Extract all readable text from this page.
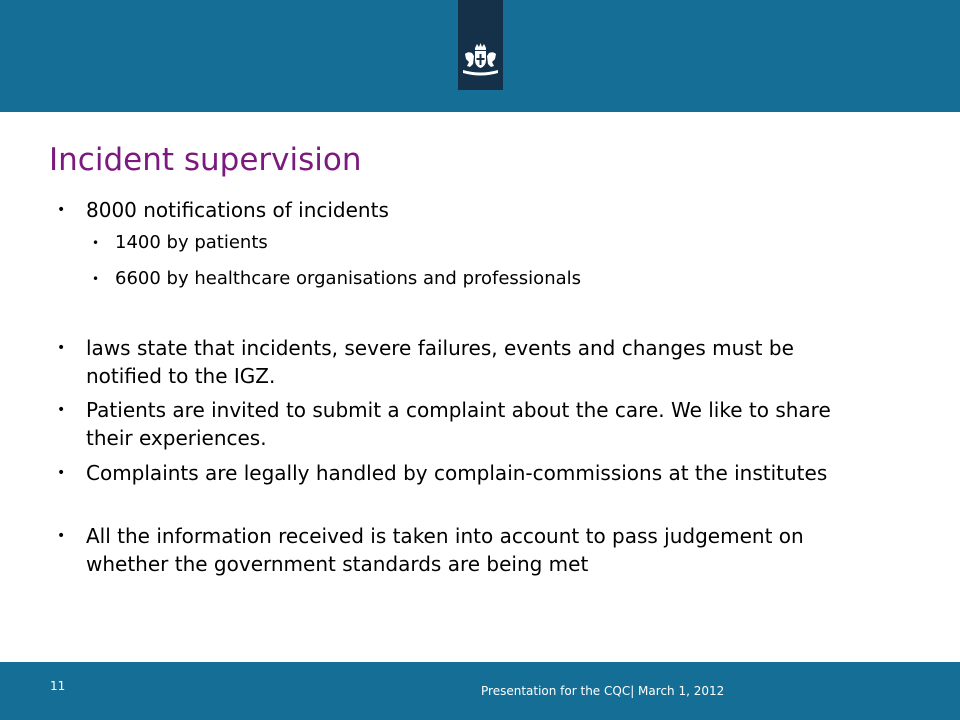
Incident supervision
• 8000 notifications of incidents
• 1400 by patients
• 6600 by healthcare organisations and professionals
• laws state that incidents, severe failures, events and changes must be notified to the IGZ.
• Patients are invited to submit a complaint about the care. We like to share their experiences.
• Complaints are legally handled by complain-commissions at the institutes
• All the information received is taken into account to pass judgement on whether the government standards are being met
11	Presentation for the CQC| March 1, 2012
